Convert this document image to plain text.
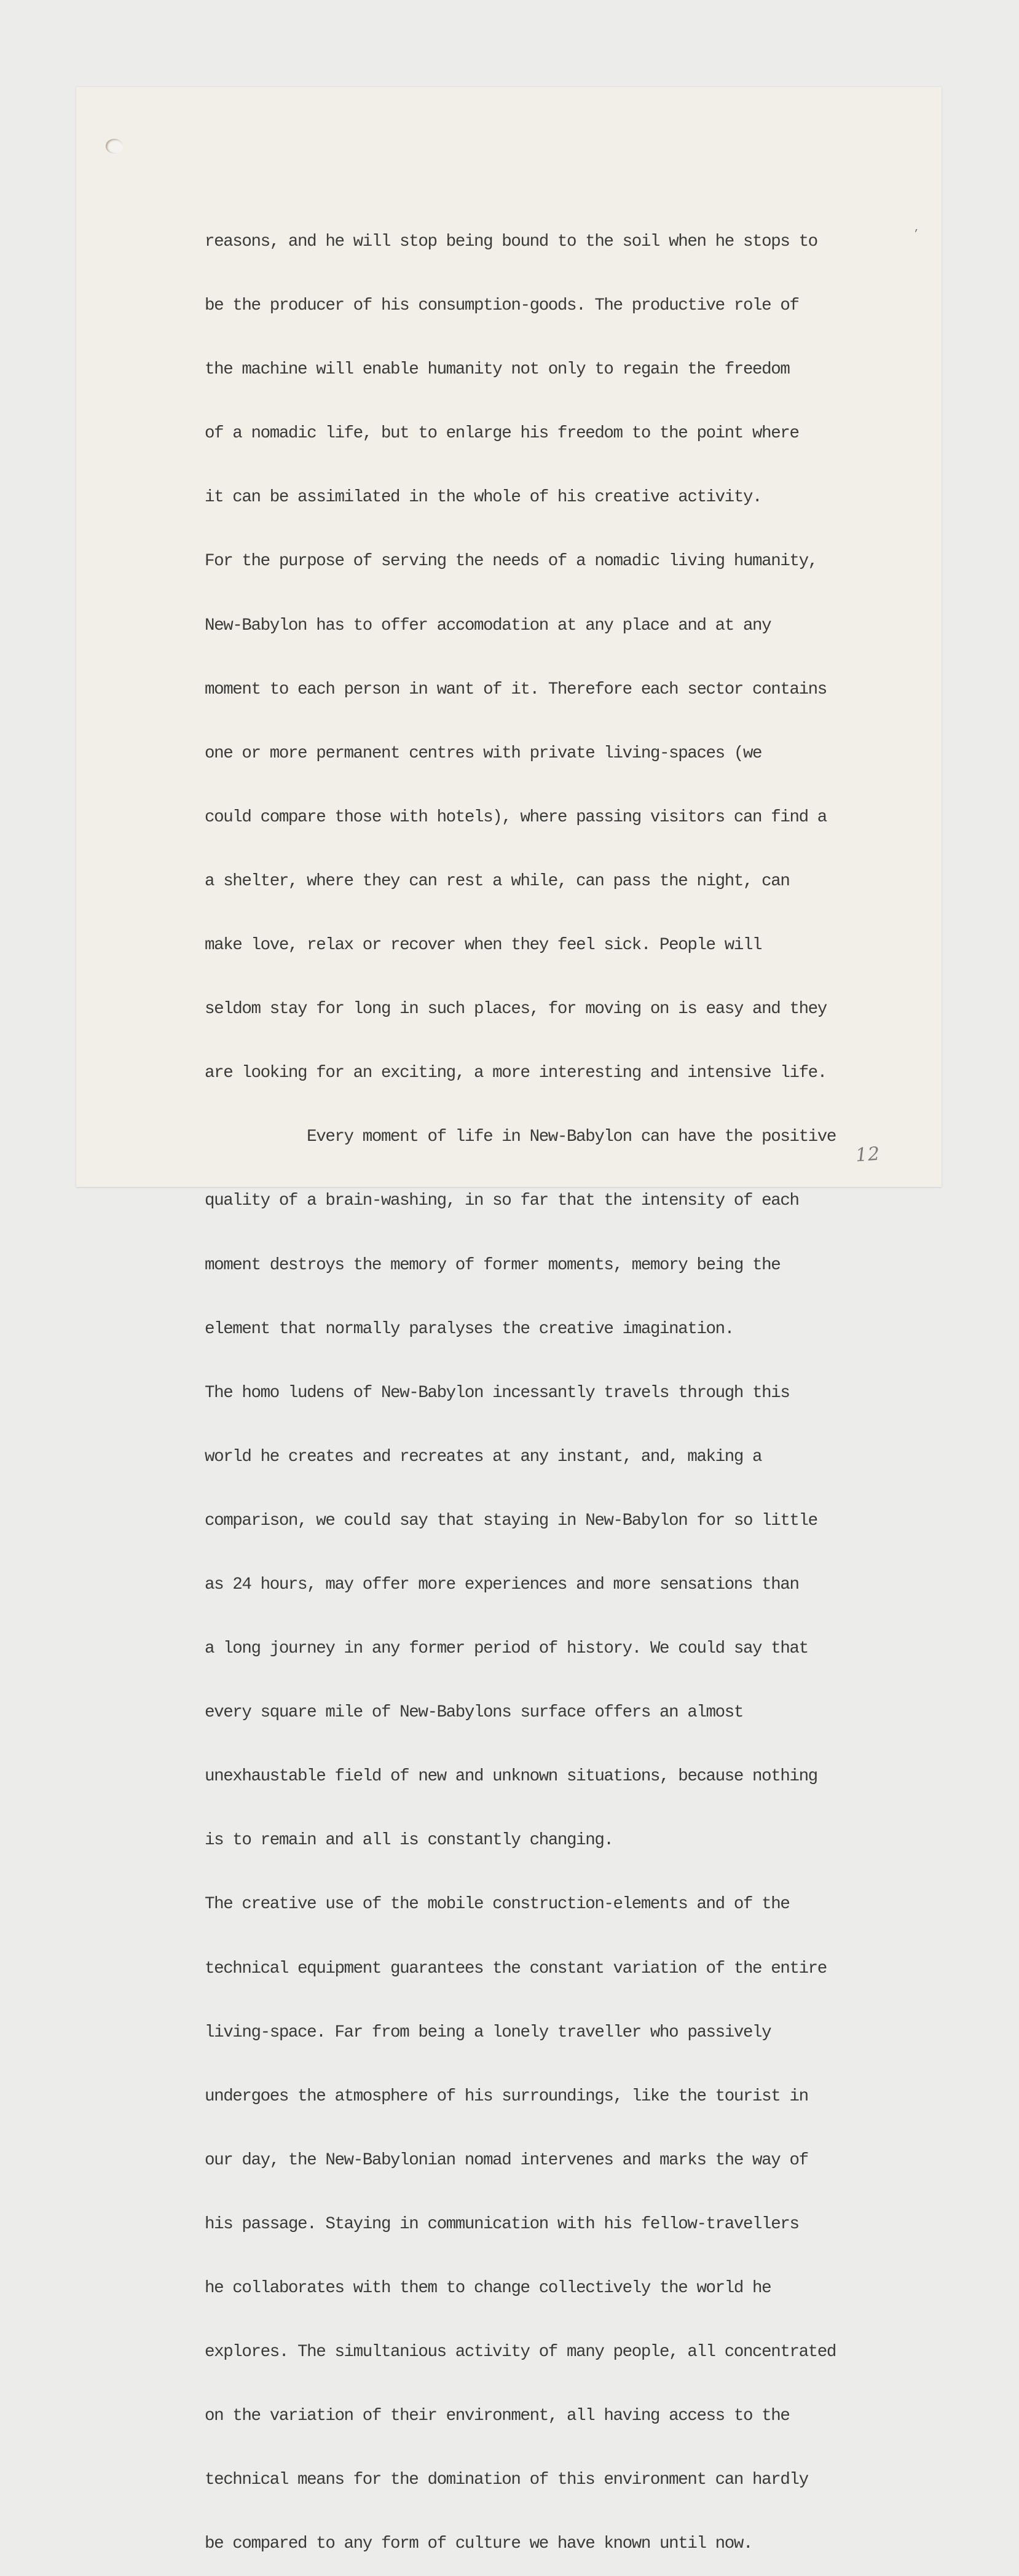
reasons, and he will stop being bound to the soil when he stops to

be the producer of his consumption-goods. The productive role of

the machine will enable humanity not only to regain the freedom

of a nomadic life, but to enlarge his freedom to the point where

it can be assimilated in the whole of his creative activity.

For the purpose of serving the needs of a nomadic living humanity,

New-Babylon has to offer accomodation at any place and at any

moment to each person in want of it. Therefore each sector contains

one or more permanent centres with private living-spaces (we

could compare those with hotels), where passing visitors can find a

a shelter, where they can rest a while, can pass the night, can

make love, relax or recover when they feel sick. People will

seldom stay for long in such places, for moving on is easy and they

are looking for an exciting, a more interesting and intensive life.

Every moment of life in New-Babylon can have the positive

quality of a brain-washing, in so far that the intensity of each

moment destroys the memory of former moments, memory being the

element that normally paralyses the creative imagination.

The homo ludens of New-Babylon incessantly travels through this

world he creates and recreates at any instant, and, making a

comparison, we could say that staying in New-Babylon for so little

as 24 hours, may offer more experiences and more sensations than

a long journey in any former period of history. We could say that

every square mile of New-Babylons surface offers an almost

unexhaustable field of new and unknown situations, because nothing

is to remain and all is constantly changing.

The creative use of the mobile construction-elements and of the

technical equipment guarantees the constant variation of the entire

living-space. Far from being a lonely traveller who passively

undergoes the atmosphere of his surroundings, like the tourist in

our day, the New-Babylonian nomad intervenes and marks the way of

his passage. Staying in communication with his fellow-travellers

he collaborates with them to change collectively the world he

explores. The simultanious activity of many people, all concentrated

on the variation of their environment, all having access to the

technical means for the domination of this environment can hardly

be compared to any form of culture we have known until now.

,
12
